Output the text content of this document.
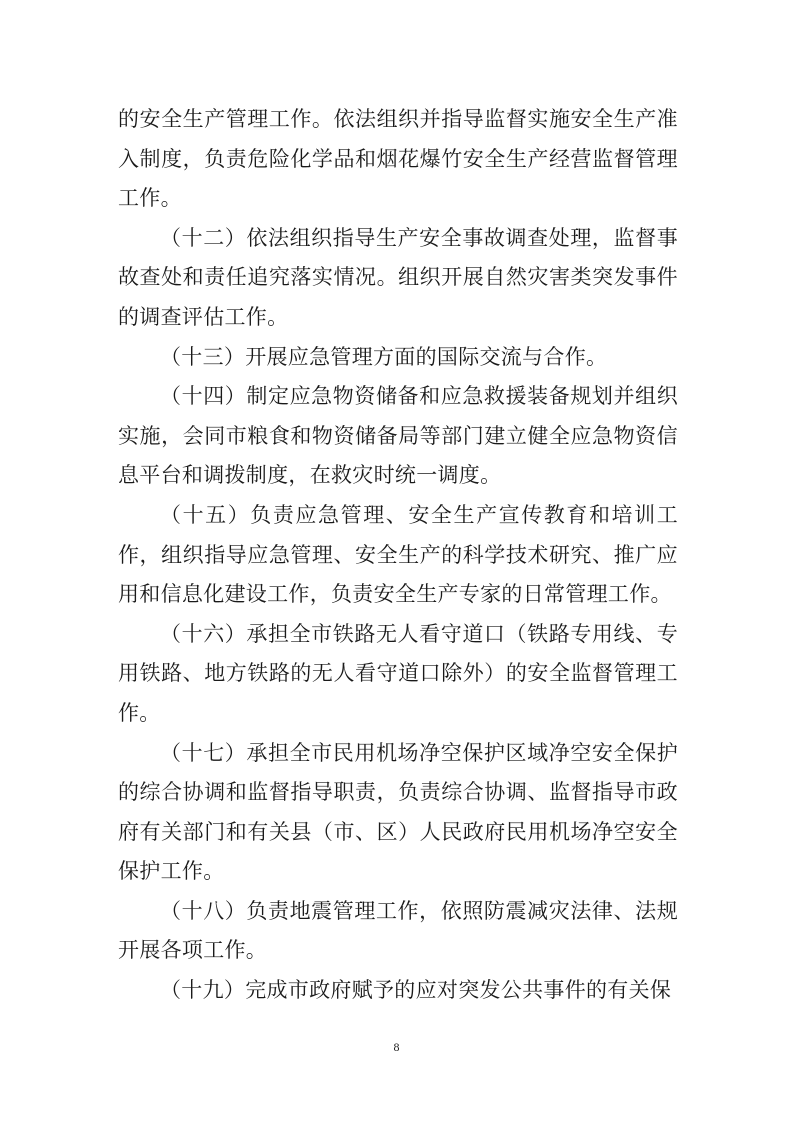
的安全生产管理工作。依法组织并指导监督实施安全生产准入制度，负责危险化学品和烟花爆竹安全生产经营监督管理工作。

（十二）依法组织指导生产安全事故调查处理，监督事故查处和责任追究落实情况。组织开展自然灾害类突发事件的调查评估工作。

（十三）开展应急管理方面的国际交流与合作。

（十四）制定应急物资储备和应急救援装备规划并组织实施，会同市粮食和物资储备局等部门建立健全应急物资信息平台和调拨制度，在救灾时统一调度。

（十五）负责应急管理、安全生产宣传教育和培训工作，组织指导应急管理、安全生产的科学技术研究、推广应用和信息化建设工作，负责安全生产专家的日常管理工作。

（十六）承担全市铁路无人看守道口（铁路专用线、专用铁路、地方铁路的无人看守道口除外）的安全监督管理工作。

（十七）承担全市民用机场净空保护区域净空安全保护的综合协调和监督指导职责，负责综合协调、监督指导市政府有关部门和有关县（市、区）人民政府民用机场净空安全保护工作。

（十八）负责地震管理工作，依照防震减灾法律、法规开展各项工作。

（十九）完成市政府赋予的应对突发公共事件的有关保

8
